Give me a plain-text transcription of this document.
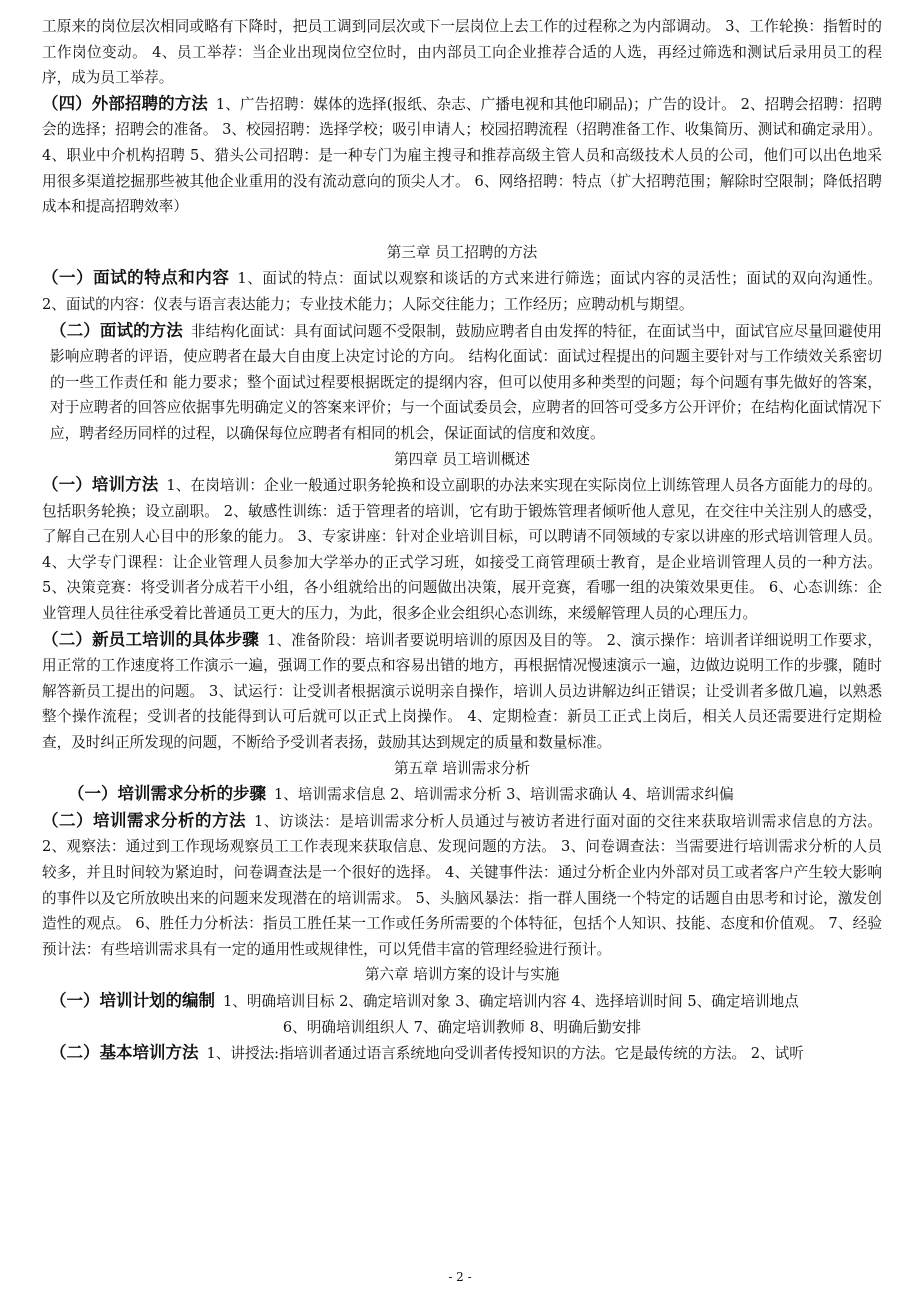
工原来的岗位层次相同或略有下降时，把员工调到同层次或下一层岗位上去工作的过程称之为内部调动。 3、工作轮换：指暂时的工作岗位变动。 4、员工举荐：当企业出现岗位空位时，由内部员工向企业推荐合适的人选，再经过筛选和测试后录用员工的程序，成为员工举荐。

（四）外部招聘的方法 1、广告招聘：媒体的选择(报纸、杂志、广播电视和其他印刷品)；广告的设计。 2、招聘会招聘：招聘会的选择；招聘会的准备。 3、校园招聘：选择学校；吸引申请人；校园招聘流程（招聘准备工作、收集简历、测试和确定录用）。 4、职业中介机构招聘 5、猎头公司招聘：是一种专门为雇主搜寻和推荐高级主管人员和高级技术人员的公司，他们可以出色地采用很多渠道挖掘那些被其他企业重用的没有流动意向的顶尖人才。 6、网络招聘：特点（扩大招聘范围；解除时空限制；降低招聘成本和提高招聘效率）

第三章 员工招聘的方法

（一）面试的特点和内容 1、面试的特点：面试以观察和谈话的方式来进行筛选；面试内容的灵活性；面试的双向沟通性。 2、面试的内容：仪表与语言表达能力；专业技术能力；人际交往能力；工作经历；应聘动机与期望。

（二）面试的方法 非结构化面试：具有面试问题不受限制，鼓励应聘者自由发挥的特征，在面试当中，面试官应尽量回避使用影响应聘者的评语，使应聘者在最大自由度上决定讨论的方向。 结构化面试：面试过程提出的问题主要针对与工作绩效关系密切的一些工作责任和 能力要求；整个面试过程要根据既定的提纲内容，但可以使用多种类型的问题；每个问题有事先做好的答案，对于应聘者的回答应依据事先明确定义的答案来评价；与一个面试委员会，应聘者的回答可受多方公开评价；在结构化面试情况下应，聘者经历同样的过程，以确保每位应聘者有相同的机会，保证面试的信度和效度。

第四章 员工培训概述

（一）培训方法 1、在岗培训：企业一般通过职务轮换和设立副职的办法来实现在实际岗位上训练管理人员各方面能力的母的。包括职务轮换；设立副职。 2、敏感性训练：适于管理者的培训，它有助于锻炼管理者倾听他人意见，在交往中关注别人的感受，了解自己在别人心目中的形象的能力。 3、专家讲座：针对企业培训目标，可以聘请不同领域的专家以讲座的形式培训管理人员。 4、大学专门课程：让企业管理人员参加大学举办的正式学习班，如接受工商管理硕士教育，是企业培训管理人员的一种方法。 5、决策竞赛：将受训者分成若干小组，各小组就给出的问题做出决策，展开竞赛，看哪一组的决策效果更佳。 6、心态训练：企业管理人员往往承受着比普通员工更大的压力，为此，很多企业会组织心态训练，来缓解管理人员的心理压力。

（二）新员工培训的具体步骤 1、准备阶段：培训者要说明培训的原因及目的等。 2、演示操作：培训者详细说明工作要求，用正常的工作速度将工作演示一遍，强调工作的要点和容易出错的地方，再根据情况慢速演示一遍，边做边说明工作的步骤，随时解答新员工提出的问题。 3、试运行：让受训者根据演示说明亲自操作，培训人员边讲解边纠正错误；让受训者多做几遍，以熟悉整个操作流程；受训者的技能得到认可后就可以正式上岗操作。 4、定期检查：新员工正式上岗后，相关人员还需要进行定期检查，及时纠正所发现的问题，不断给予受训者表扬，鼓励其达到规定的质量和数量标准。

第五章 培训需求分析

（一）培训需求分析的步骤 1、培训需求信息 2、培训需求分析 3、培训需求确认 4、培训需求纠偏

（二）培训需求分析的方法 1、访谈法：是培训需求分析人员通过与被访者进行面对面的交往来获取培训需求信息的方法。 2、观察法：通过到工作现场观察员工工作表现来获取信息、发现问题的方法。 3、问卷调查法：当需要进行培训需求分析的人员较多，并且时间较为紧迫时，问卷调查法是一个很好的选择。 4、关键事件法：通过分析企业内外部对员工或者客户产生较大影响的事件以及它所放映出来的问题来发现潜在的培训需求。 5、头脑风暴法：指一群人围绕一个特定的话题自由思考和讨论，激发创造性的观点。 6、胜任力分析法：指员工胜任某一工作或任务所需要的个体特征，包括个人知识、技能、态度和价值观。 7、经验预计法：有些培训需求具有一定的通用性或规律性，可以凭借丰富的管理经验进行预计。

第六章 培训方案的设计与实施

（一）培训计划的编制 1、明确培训目标 2、确定培训对象 3、确定培训内容 4、选择培训时间 5、确定培训地点

6、明确培训组织人 7、确定培训教师 8、明确后勤安排

（二）基本培训方法 1、讲授法:指培训者通过语言系统地向受训者传授知识的方法。它是最传统的方法。 2、试听

- 2 -
